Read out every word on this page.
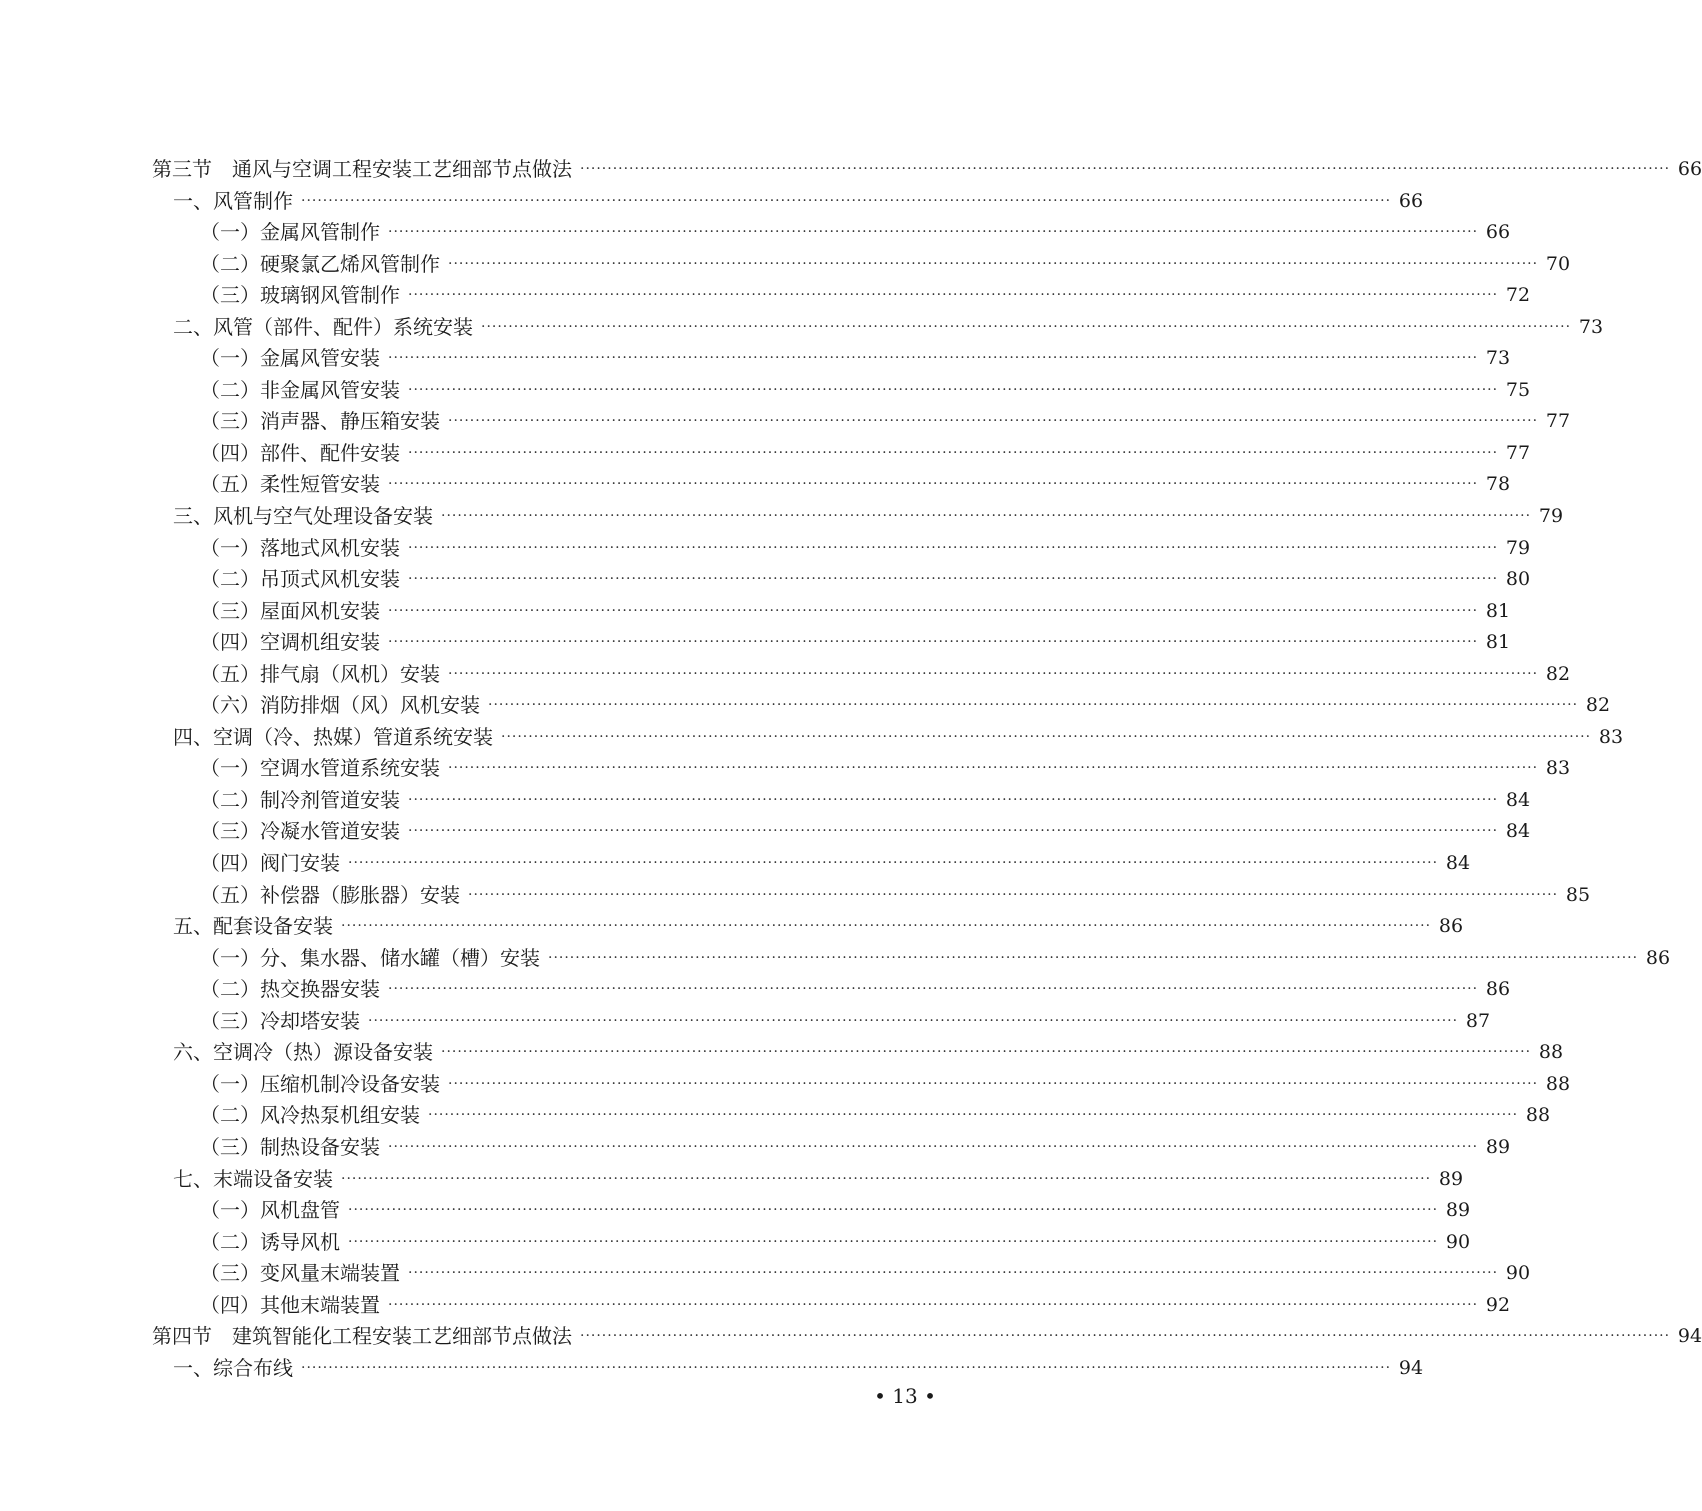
第三节　通风与空调工程安装工艺细部节点做法 ········································································································································································································ 66
一、风管制作 ········································································································································································································ 66
（一）金属风管制作 ········································································································································································································ 66
（二）硬聚氯乙烯风管制作 ········································································································································································································ 70
（三）玻璃钢风管制作 ········································································································································································································ 72
二、风管（部件、配件）系统安装 ········································································································································································································ 73
（一）金属风管安装 ········································································································································································································ 73
（二）非金属风管安装 ········································································································································································································ 75
（三）消声器、静压箱安装 ········································································································································································································ 77
（四）部件、配件安装 ········································································································································································································ 77
（五）柔性短管安装 ········································································································································································································ 78
三、风机与空气处理设备安装 ········································································································································································································ 79
（一）落地式风机安装 ········································································································································································································ 79
（二）吊顶式风机安装 ········································································································································································································ 80
（三）屋面风机安装 ········································································································································································································ 81
（四）空调机组安装 ········································································································································································································ 81
（五）排气扇（风机）安装 ········································································································································································································ 82
（六）消防排烟（风）风机安装 ········································································································································································································ 82
四、空调（冷、热媒）管道系统安装 ········································································································································································································ 83
（一）空调水管道系统安装 ········································································································································································································ 83
（二）制冷剂管道安装 ········································································································································································································ 84
（三）冷凝水管道安装 ········································································································································································································ 84
（四）阀门安装 ········································································································································································································ 84
（五）补偿器（膨胀器）安装 ········································································································································································································ 85
五、配套设备安装 ········································································································································································································ 86
（一）分、集水器、储水罐（槽）安装 ········································································································································································································ 86
（二）热交换器安装 ········································································································································································································ 86
（三）冷却塔安装 ········································································································································································································ 87
六、空调冷（热）源设备安装 ········································································································································································································ 88
（一）压缩机制冷设备安装 ········································································································································································································ 88
（二）风冷热泵机组安装 ········································································································································································································ 88
（三）制热设备安装 ········································································································································································································ 89
七、末端设备安装 ········································································································································································································ 89
（一）风机盘管 ········································································································································································································ 89
（二）诱导风机 ········································································································································································································ 90
（三）变风量末端装置 ········································································································································································································ 90
（四）其他末端装置 ········································································································································································································ 92
第四节　建筑智能化工程安装工艺细部节点做法 ········································································································································································································ 94
一、综合布线 ········································································································································································································ 94
• 13 •
